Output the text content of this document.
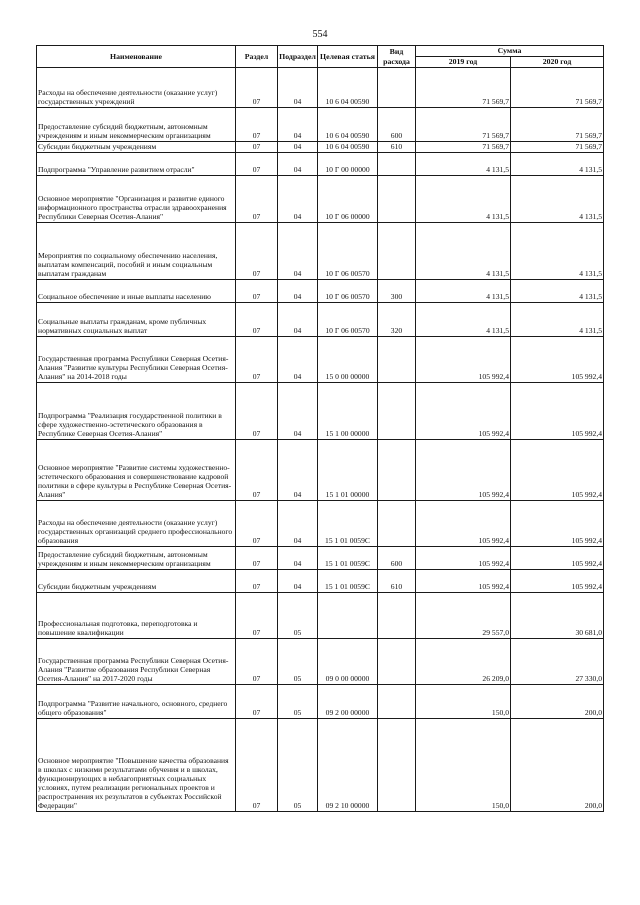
554
Наименование	Раздел	Подраздел	Целевая статья	Вид расхода	Сумма	
					2019 год	2020 год
Расходы на обеспечение деятельности (оказание услуг) государственных учреждений	07	04	10 6 04 00590		71 569,7	71 569,7
Предоставление субсидий бюджетным, автономным учреждениям и иным некоммерческим организациям	07	04	10 6 04 00590	600	71 569,7	71 569,7
Субсидии бюджетным учреждениям	07	04	10 6 04 00590	610	71 569,7	71 569,7
Подпрограмма "Управление развитием отрасли"	07	04	10 Г 00 00000		4 131,5	4 131,5
Основное мероприятие "Организация и развитие единого информационного пространства отрасли здравоохранения Республики Северная Осетия-Алания"	07	04	10 Г 06 00000		4 131,5	4 131,5
Мероприятия по социальному обеспечению населения, выплатам компенсаций, пособий и иным социальным выплатам гражданам	07	04	10 Г 06 00570		4 131,5	4 131,5
Социальное обеспечение и иные выплаты населению	07	04	10 Г 06 00570	300	4 131,5	4 131,5
Социальные выплаты гражданам, кроме публичных нормативных социальных выплат	07	04	10 Г 06 00570	320	4 131,5	4 131,5
Государственная программа Республики Северная Осетия-Алания "Развитие культуры Республики Северная Осетия-Алания" на 2014-2018 годы	07	04	15 0 00 00000		105 992,4	105 992,4
Подпрограмма "Реализация государственной политики в сфере художественно-эстетического образования в Республике Северная Осетия-Алания"	07	04	15 1 00 00000		105 992,4	105 992,4
Основное мероприятие "Развитие системы художественно-эстетического образования и совершенствование кадровой политики в сфере культуры в Республике Северная Осетия-Алания"	07	04	15 1 01 00000		105 992,4	105 992,4
Расходы на обеспечение деятельности (оказание услуг) государственных организаций среднего профессионального образования	07	04	15 1 01 0059С		105 992,4	105 992,4
Предоставление субсидий бюджетным, автономным учреждениям и иным некоммерческим организациям	07	04	15 1 01 0059С	600	105 992,4	105 992,4
Субсидии бюджетным учреждениям	07	04	15 1 01 0059С	610	105 992,4	105 992,4
Профессиональная подготовка, переподготовка и повышение квалификации	07	05			29 557,0	30 681,0
Государственная программа Республики Северная Осетия-Алания "Развитие образования Республики Северная Осетия-Алания" на 2017-2020 годы	07	05	09 0 00 00000		26 209,0	27 330,0
Подпрограмма "Развитие начального, основного, среднего общего образования"	07	05	09 2 00 00000		150,0	200,0
Основное мероприятие "Повышение качества образования в школах с низкими результатами обучения и в школах, функционирующих в неблагоприятных социальных условиях, путем реализации региональных проектов и распространения их результатов в субъектах Российской Федерации"	07	05	09 2 10 00000		150,0	200,0
